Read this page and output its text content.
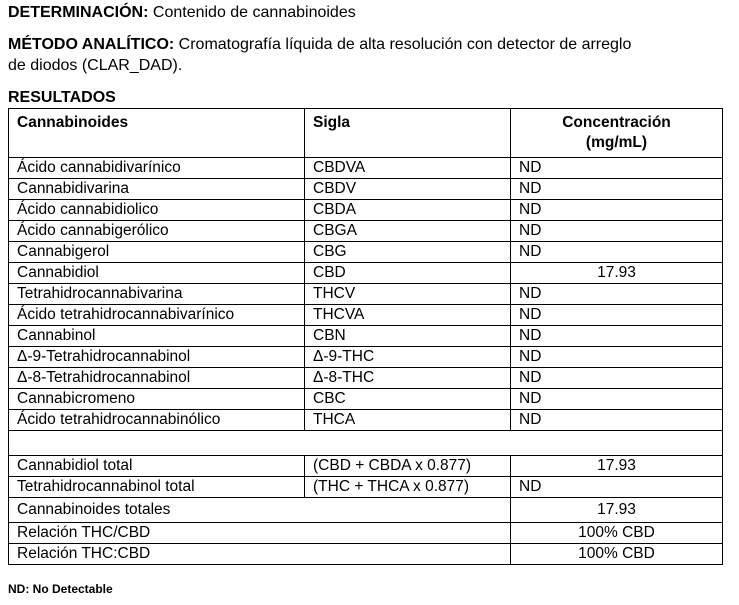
DETERMINACIÓN: Contenido de cannabinoides
MÉTODO ANALÍTICO: Cromatografía líquida de alta resolución con detector de arreglo
de diodos (CLAR_DAD).
RESULTADOS
Cannabinoides	Sigla	Concentración
(mg/mL)

Ácido cannabidivarínico	CBDVA	ND
Cannabidivarina	CBDV	ND
Ácido cannabidiolico	CBDA	ND
Ácido cannabigerólico	CBGA	ND
Cannabigerol	CBG	ND
Cannabidiol	CBD	17.93
Tetrahidrocannabivarina	THCV	ND
Ácido tetrahidrocannabivarínico	THCVA	ND
Cannabinol	CBN	ND
Δ-9-Tetrahidrocannabinol	Δ-9-THC	ND
Δ-8-Tetrahidrocannabinol	Δ-8-THC	ND
Cannabicromeno	CBC	ND
Ácido tetrahidrocannabinólico	THCA	ND

Cannabidiol total	(CBD + CBDA x 0.877)	17.93
Tetrahidrocannabinol total	(THC + THCA x 0.877)	ND
Cannabinoides totales		17.93
Relación THC/CBD		100% CBD
Relación THC:CBD		100% CBD
ND: No Detectable
